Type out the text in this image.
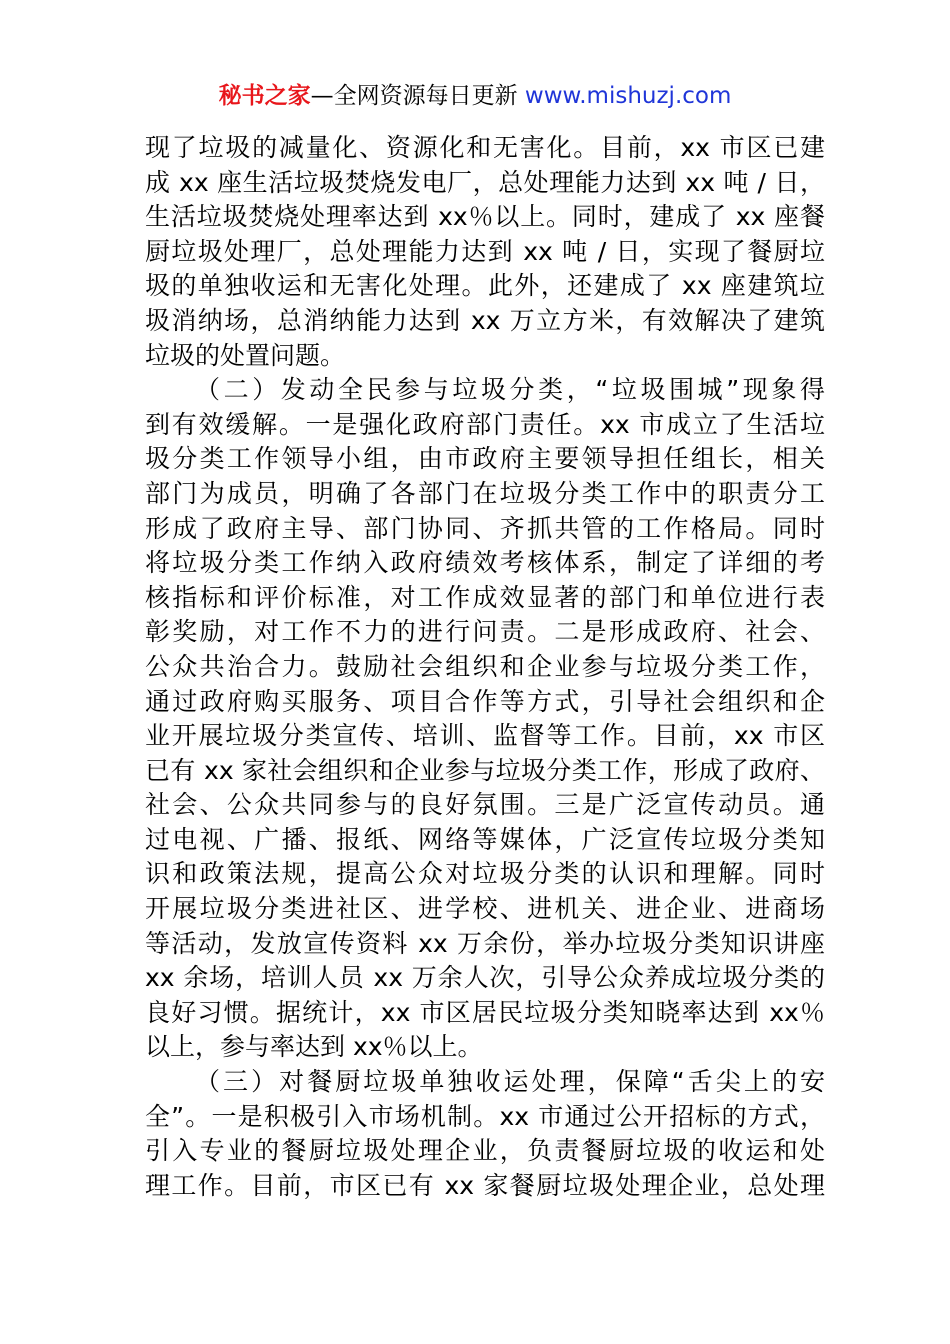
秘书之家—全网资源每日更新 www.mishuzj.com
现了垃圾的减量化、资源化和无害化。目前，xx 市区已建
成 xx 座生活垃圾焚烧发电厂，总处理能力达到 xx 吨 / 日，
生活垃圾焚烧处理率达到 xx％以上。同时，建成了 xx 座餐
厨垃圾处理厂，总处理能力达到 xx 吨 / 日，实现了餐厨垃
圾的单独收运和无害化处理。此外，还建成了 xx 座建筑垃
圾消纳场，总消纳能力达到 xx 万立方米，有效解决了建筑
垃圾的处置问题。
（二）发动全民参与垃圾分类，“垃圾围城”现象得
到有效缓解。一是强化政府部门责任。xx 市成立了生活垃
圾分类工作领导小组，由市政府主要领导担任组长，相关
部门为成员，明确了各部门在垃圾分类工作中的职责分工
形成了政府主导、部门协同、齐抓共管的工作格局。同时
将垃圾分类工作纳入政府绩效考核体系，制定了详细的考
核指标和评价标准，对工作成效显著的部门和单位进行表
彰奖励，对工作不力的进行问责。二是形成政府、社会、
公众共治合力。鼓励社会组织和企业参与垃圾分类工作，
通过政府购买服务、项目合作等方式，引导社会组织和企
业开展垃圾分类宣传、培训、监督等工作。目前，xx 市区
已有 xx 家社会组织和企业参与垃圾分类工作，形成了政府、
社会、公众共同参与的良好氛围。三是广泛宣传动员。通
过电视、广播、报纸、网络等媒体，广泛宣传垃圾分类知
识和政策法规，提高公众对垃圾分类的认识和理解。同时
开展垃圾分类进社区、进学校、进机关、进企业、进商场
等活动，发放宣传资料 xx 万余份，举办垃圾分类知识讲座
xx 余场，培训人员 xx 万余人次，引导公众养成垃圾分类的
良好习惯。据统计，xx 市区居民垃圾分类知晓率达到 xx％
以上，参与率达到 xx％以上。
（三）对餐厨垃圾单独收运处理，保障“舌尖上的安
全”。一是积极引入市场机制。xx 市通过公开招标的方式，
引入专业的餐厨垃圾处理企业，负责餐厨垃圾的收运和处
理工作。目前，市区已有 xx 家餐厨垃圾处理企业，总处理
